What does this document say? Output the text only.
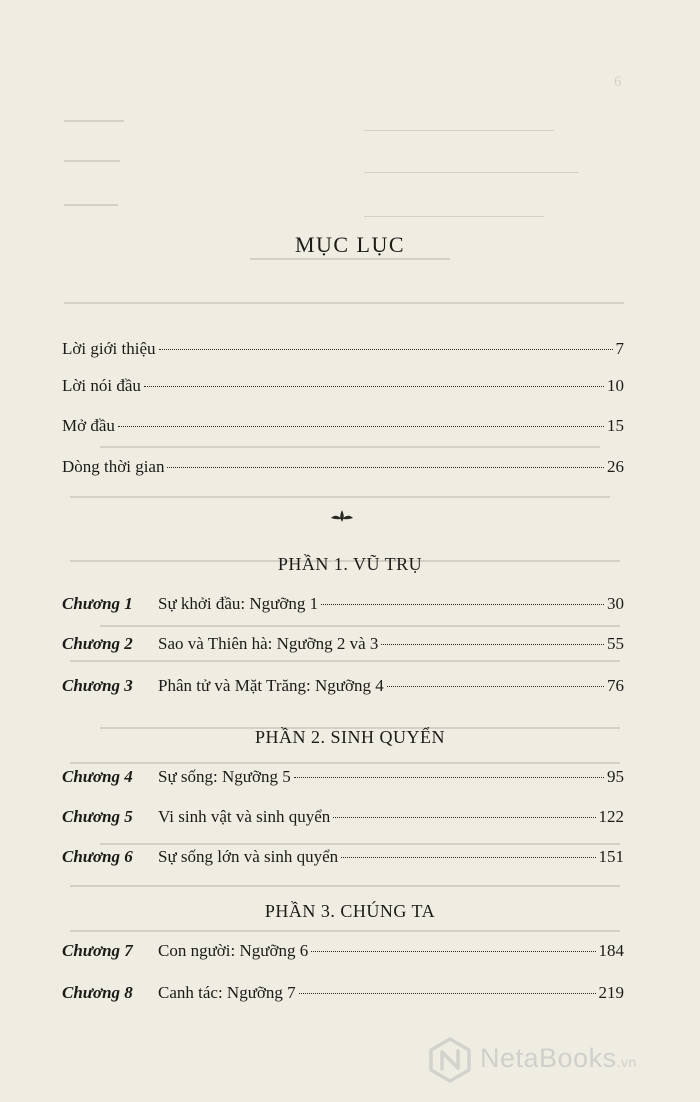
6
MỤC LỤC
Lời giới thiệu	7
Lời nói đầu	10
Mở đầu	15
Dòng thời gian	26
PHẦN 1. VŨ TRỤ
Chương 1	Sự khởi đầu: Ngưỡng 1	30
Chương 2	Sao và Thiên hà: Ngưỡng 2 và 3	55
Chương 3	Phân tử và Mặt Trăng: Ngưỡng 4	76
PHẦN 2. SINH QUYỂN
Chương 4	Sự sống: Ngưỡng 5	95
Chương 5	Vi sinh vật và sinh quyển	122
Chương 6	Sự sống lớn và sinh quyển	151
PHẦN 3. CHÚNG TA
Chương 7	Con người: Ngưỡng 6	184
Chương 8	Canh tác: Ngưỡng 7	219
NetaBooks.vn
